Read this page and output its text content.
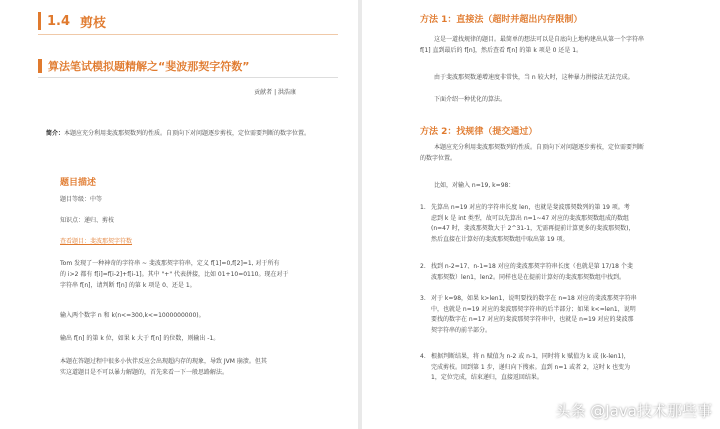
1.4 剪枝
算法笔试模拟题精解之“斐波那契字符数”
贡献者 | 洪浩康
简介：本题应充分利用斐波那契数列的性质。自顶向下对问题逐步剪枝，定位需要判断的数字位置。
题目描述
题目等级：中等
知识点：递归、剪枝
查看题目：斐波那契字符数
Tom 发现了一种神奇的字符串 ~ 斐波那契字符串，定义 f[1]=0,f[2]=1, 对于所有
的 i>2 都有 f[i]=f[i-2]+f[i-1]。其中 "+" 代表拼接，比如 01+10=0110。现在对于
字符串 f[n]，请判断 f[n] 的第 k 项是 0、还是 1。
输入两个数字 n 和 k(n<=300,k<=1000000000)。
输出 f[n] 的第 k 位，如果 k 大于 f[n] 的位数，则输出 -1。
本题在答题过程中很多小伙伴反应会出现超内存的现象，导致 JVM 崩溃。但其
实这道题目是不可以暴力解题的，首先来看一下一般思路解法。
方法 1：直接法（超时并超出内存限制）
这是一道找规律的题目。最简单的想法可以是自底向上地构建出从第一个字符串
f[1] 直到最后的 f[n]，然后查看 f[n] 的第 k 项是 0 还是 1。
由于斐波那契数递增速度非常快，当 n 较大时，这种暴力拼接法无法完成。
下面介绍一种优化的算法。
方法 2：找规律（提交通过）
本题应充分利用斐波那契数列的性质。自顶向下对问题逐步剪枝，定位需要判断
的数字位置。
比如，对输入 n=19, k=98：
1. 先算出 n=19 对应的字符串长度 len，也就是斐波那契数列的第 19 项。考
虑到 k 是 int 类型，故可以先算出 n=1~47 对应的斐波那契数组成的数组
(n=47 时，斐波那契数大于 2^31-1，无需再提前计算更多的斐波那契数)，
然后直接在计算好的斐波那契数组中取出第 19 项。
2. 找到 n-2=17、n-1=18 对应的斐波那契字符串长度（也就是第 17/18 个斐
波那契数）len1，len2。同样也是在提前计算好的斐波那契数组中找到。
3. 对于 k=98，如果 k>len1，说明要找的数字在 n=18 对应的斐波那契字符串
中，也就是 n=19 对应的斐波那契字符串的后半部分；如果 k<=len1，说明
要找的数字在 n=17 对应的斐波那契字符串中，也就是 n=19 对应的斐波那
契字符串的前半部分。
4. 根据判断结果，将 n 赋值为 n-2 或 n-1，同时将 k 赋值为 k 或 (k-len1)，
完成剪枝。回到第 1 步，递归向下搜索。直到 n=1 或者 2，这时 k 也变为
1，定位完成，结束递归，直接返回结果。
头条 @Java技术那些事
